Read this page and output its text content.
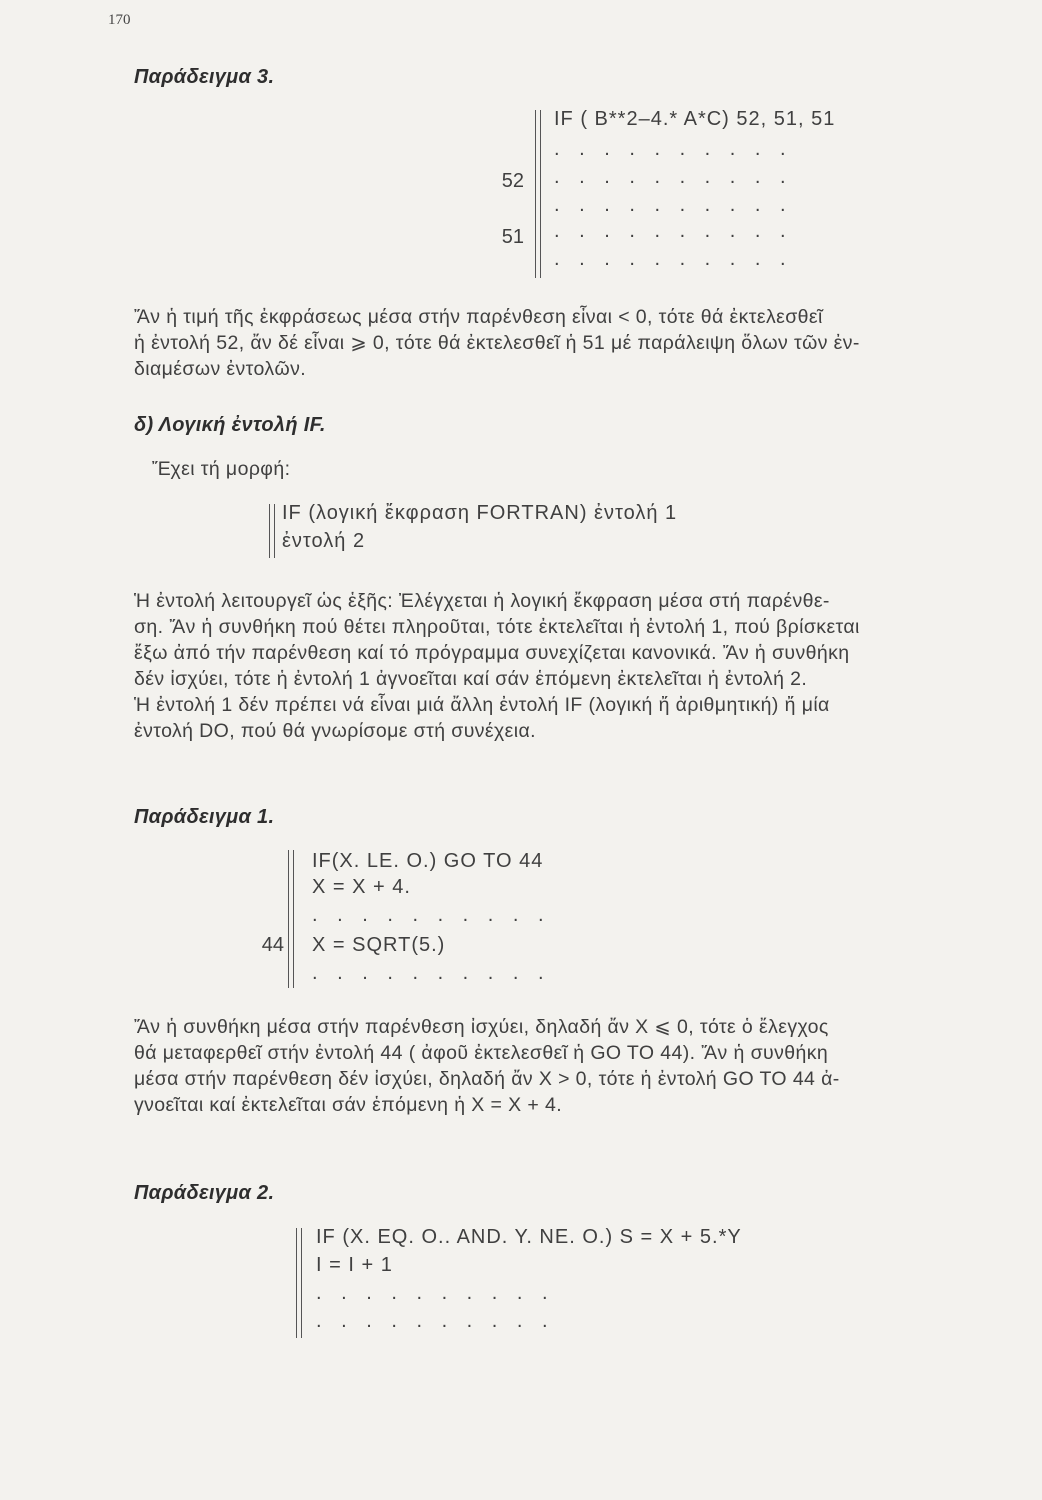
170
Παράδειγμα 3.
IF ( B**2–4.* A*C) 52, 51, 51
. . . . . . . . . .
. . . . . . . . . .
. . . . . . . . . .
. . . . . . . . . .
. . . . . . . . . .
52
51
Ἄν ἡ τιμή τῆς ἐκφράσεως μέσα στήν παρένθεση εἶναι < 0, τότε θά ἐκτελεσθεῖ
ἡ ἐντολή 52, ἄν δέ εἶναι ⩾ 0, τότε θά ἐκτελεσθεῖ ἡ 51 μέ παράλειψη ὅλων τῶν ἐν-
διαμέσων ἐντολῶν.
δ) Λογική ἐντολή IF.
Ἔχει τή μορφή:
IF (λογική ἔκφραση FORTRAN) ἐντολή 1
ἐντολή 2
Ἡ ἐντολή λειτουργεῖ ὡς ἑξῆς: Ἐλέγχεται ἡ λογική ἔκφραση μέσα στή παρένθε-
ση. Ἄν ἡ συνθήκη πού θέτει πληροῦται, τότε ἐκτελεῖται ἡ ἐντολή 1, πού βρίσκεται
ἔξω ἀπό τήν παρένθεση καί τό πρόγραμμα συνεχίζεται κανονικά. Ἄν ἡ συνθήκη
δέν ἰσχύει, τότε ἡ ἐντολή 1 ἀγνοεῖται καί σάν ἑπόμενη ἐκτελεῖται ἡ ἐντολή 2.
Ἡ ἐντολή 1 δέν πρέπει νά εἶναι μιά ἄλλη ἐντολή IF (λογική ἤ ἀριθμητική) ἤ μία
ἐντολή DO, πού θά γνωρίσομε στή συνέχεια.
Παράδειγμα 1.
IF(X. LE. O.) GO TO 44
X = X + 4.
. . . . . . . . . .
X = SQRT(5.)
. . . . . . . . . .
44
Ἄν ἡ συνθήκη μέσα στήν παρένθεση ἰσχύει, δηλαδή ἄν X ⩽ 0, τότε ὁ ἔλεγχος
θά μεταφερθεῖ στήν ἐντολή 44 ( ἀφοῦ ἐκτελεσθεῖ ἡ GO TO 44). Ἄν ἡ συνθήκη
μέσα στήν παρένθεση δέν ἰσχύει, δηλαδή ἄν X > 0, τότε ἡ ἐντολή GO TO 44 ἀ-
γνοεῖται καί ἐκτελεῖται σάν ἑπόμενη ἡ X = X + 4.
Παράδειγμα 2.
IF (X. EQ. O.. AND. Y. NE. O.) S = X + 5.*Y
I = I + 1
. . . . . . . . . .
. . . . . . . . . .
